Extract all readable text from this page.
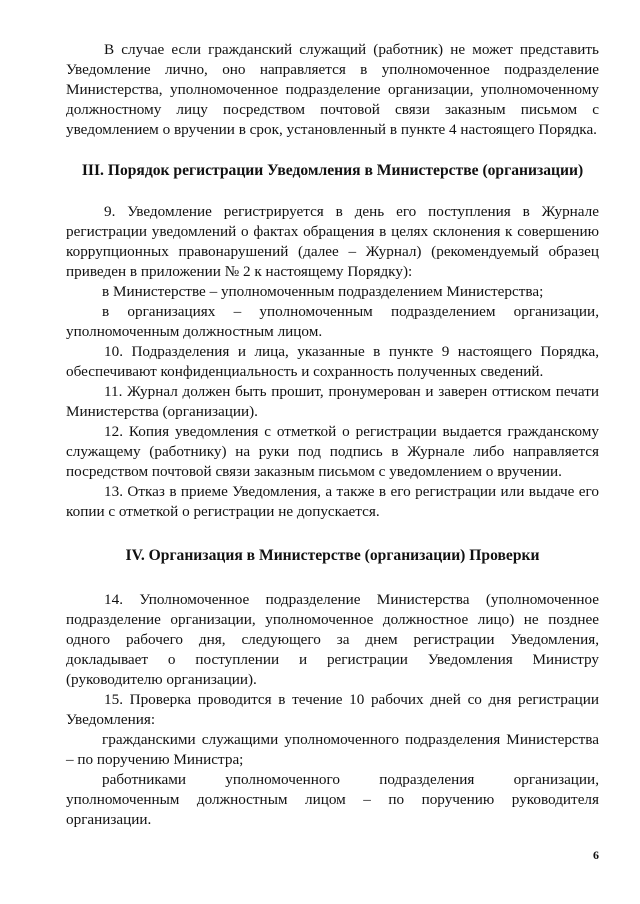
В случае если гражданский служащий (работник) не может представить Уведомление лично, оно направляется в уполномоченное подразделение Министерства, уполномоченное подразделение организации, уполномоченному должностному лицу посредством почтовой связи заказным письмом с уведомлением о вручении в срок, установленный в пункте 4 настоящего Порядка.

III. Порядок регистрации Уведомления в Министерстве (организации)

9. Уведомление регистрируется в день его поступления в Журнале регистрации уведомлений о фактах обращения в целях склонения к совершению коррупционных правонарушений (далее – Журнал) (рекомендуемый образец приведен в приложении № 2 к настоящему Порядку):

в Министерстве – уполномоченным подразделением Министерства;

в организациях – уполномоченным подразделением организации, уполномоченным должностным лицом.

10. Подразделения и лица, указанные в пункте 9 настоящего Порядка, обеспечивают конфиденциальность и сохранность полученных сведений.

11. Журнал должен быть прошит, пронумерован и заверен оттиском печати Министерства (организации).

12. Копия уведомления с отметкой о регистрации выдается гражданскому служащему (работнику) на руки под подпись в Журнале либо направляется посредством почтовой связи заказным письмом с уведомлением о вручении.

13. Отказ в приеме Уведомления, а также в его регистрации или выдаче его копии с отметкой о регистрации не допускается.

IV. Организация в Министерстве (организации) Проверки

14. Уполномоченное подразделение Министерства (уполномоченное подразделение организации, уполномоченное должностное лицо) не позднее одного рабочего дня, следующего за днем регистрации Уведомления, докладывает о поступлении и регистрации Уведомления Министру (руководителю организации).

15. Проверка проводится в течение 10 рабочих дней со дня регистрации Уведомления:

гражданскими служащими уполномоченного подразделения Министерства – по поручению Министра;

работниками уполномоченного подразделения организации, уполномоченным должностным лицом – по поручению руководителя организации.

6
